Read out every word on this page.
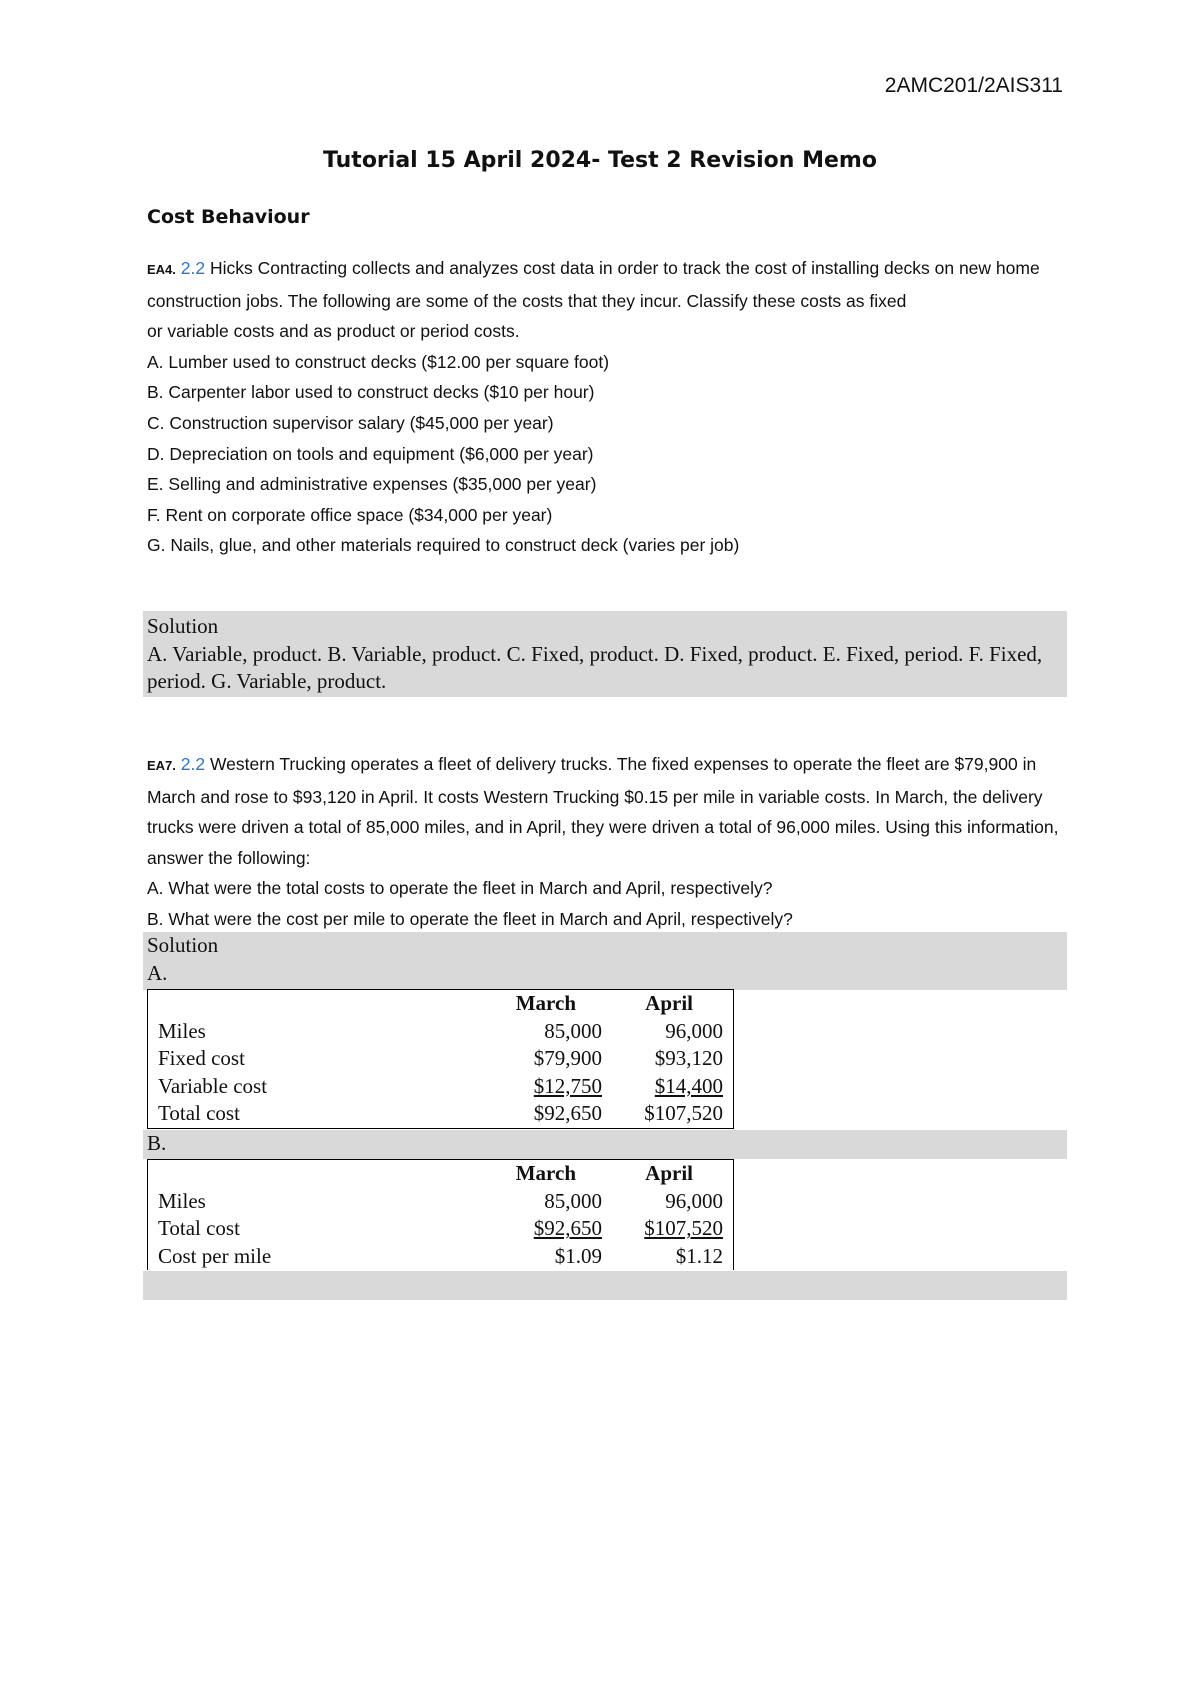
2AMC201/2AIS311
Tutorial 15 April 2024- Test 2 Revision Memo
Cost Behaviour

EA4. 2.2 Hicks Contracting collects and analyzes cost data in order to track the cost of installing decks on new home construction jobs. The following are some of the costs that they incur. Classify these costs as fixed

or variable costs and as product or period costs.

A. Lumber used to construct decks ($12.00 per square foot)

B. Carpenter labor used to construct decks ($10 per hour)

C. Construction supervisor salary ($45,000 per year)

D. Depreciation on tools and equipment ($6,000 per year)

E. Selling and administrative expenses ($35,000 per year)

F. Rent on corporate office space ($34,000 per year)

G. Nails, glue, and other materials required to construct deck (varies per job)

Solution
A. Variable, product. B. Variable, product. C. Fixed, product. D. Fixed, product. E. Fixed, period. F. Fixed, period. G. Variable, product.

EA7. 2.2 Western Trucking operates a fleet of delivery trucks. The fixed expenses to operate the fleet are $79,900 in March and rose to $93,120 in April. It costs Western Trucking $0.15 per mile in variable costs. In March, the delivery trucks were driven a total of 85,000 miles, and in April, they were driven a total of 96,000 miles. Using this information, answer the following:

A. What were the total costs to operate the fleet in March and April, respectively?

B. What were the cost per mile to operate the fleet in March and April, respectively?

Solution
A.
	March	April
Miles	85,000	96,000
Fixed cost	$79,900	$93,120
Variable cost	$12,750	$14,400
Total cost	$92,650	$107,520
B.
	March	April
Miles	85,000	96,000
Total cost	$92,650	$107,520
Cost per mile	$1.09	$1.12
